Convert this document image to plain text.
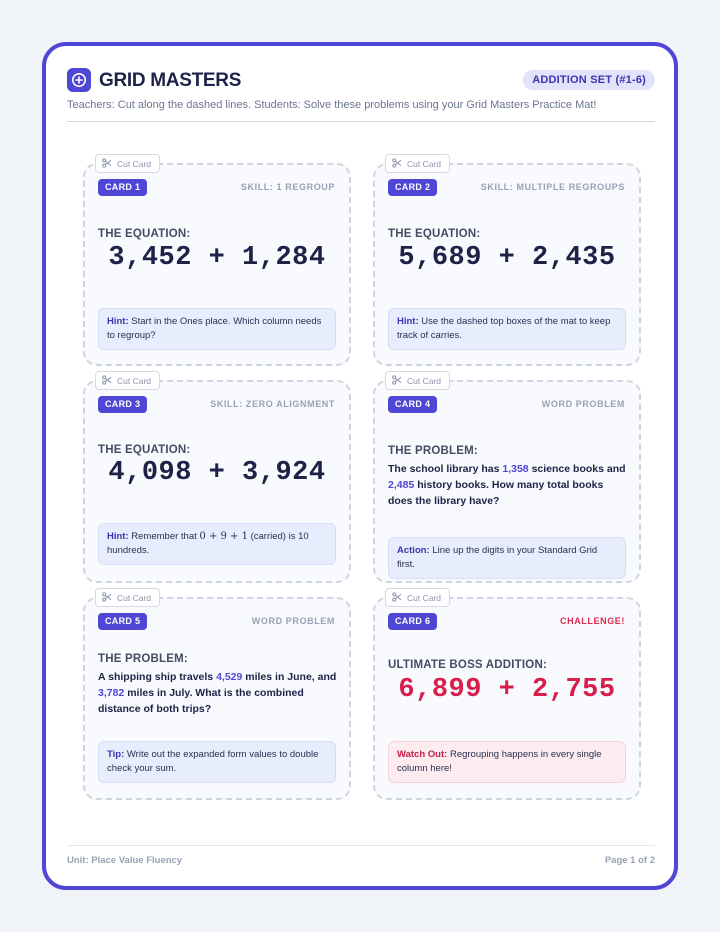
GRID MASTERS	ADDITION SET (#1-6)
Teachers: Cut along the dashed lines. Students: Solve these problems using your Grid Masters Practice Mat!
Cut Card
CARD 1	SKILL: 1 REGROUP
THE EQUATION:
3,452 + 1,284
Hint: Start in the Ones place. Which column needs to regroup?
Cut Card
CARD 2	SKILL: MULTIPLE REGROUPS
THE EQUATION:
5,689 + 2,435
Hint: Use the dashed top boxes of the mat to keep track of carries.
Cut Card
CARD 3	SKILL: ZERO ALIGNMENT
THE EQUATION:
4,098 + 3,924
Hint: Remember that 0 + 9 + 1 (carried) is 10 hundreds.
Cut Card
CARD 4	WORD PROBLEM
THE PROBLEM:
The school library has 1,358 science books and 2,485 history books. How many total books does the library have?
Action: Line up the digits in your Standard Grid first.
Cut Card
CARD 5	WORD PROBLEM
THE PROBLEM:
A shipping ship travels 4,529 miles in June, and 3,782 miles in July. What is the combined distance of both trips?
Tip: Write out the expanded form values to double check your sum.
Cut Card
CARD 6	CHALLENGE!
ULTIMATE BOSS ADDITION:
6,899 + 2,755
Watch Out: Regrouping happens in every single column here!
Unit: Place Value Fluency	Page 1 of 2
